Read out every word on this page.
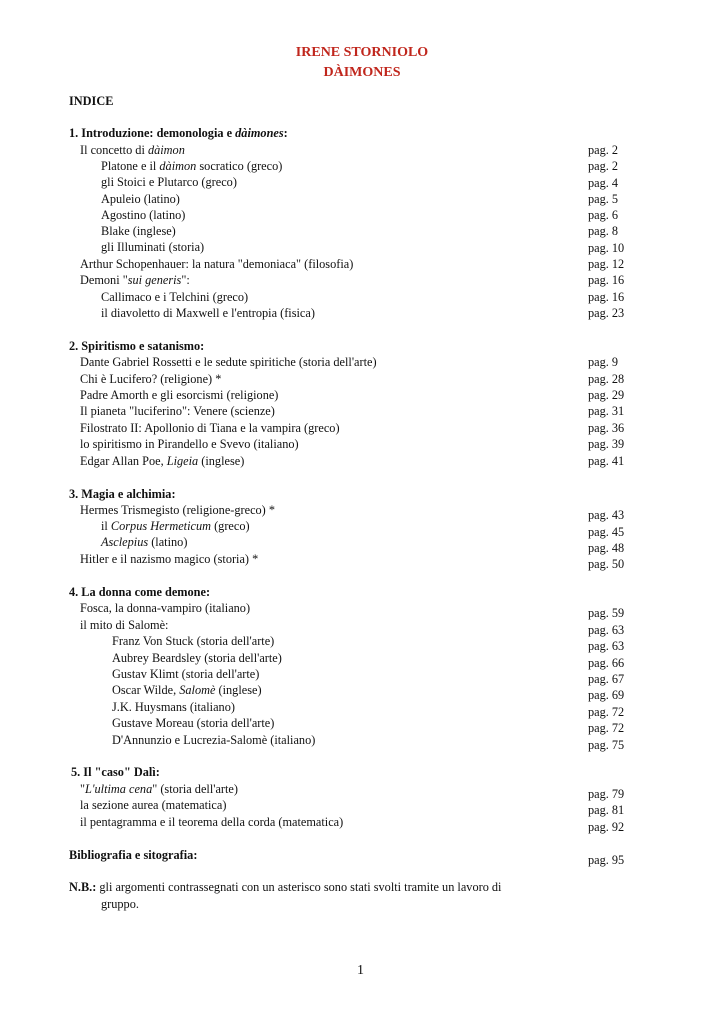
IRENE STORNIOLO
DÀIMONES
INDICE
1. Introduzione: demonologia e dàimones:
Il concetto di dàimon	pag. 2
Platone e il dàimon socratico (greco)	pag. 2
gli Stoici e Plutarco (greco)	pag. 4
Apuleio (latino)	pag. 5
Agostino (latino)	pag. 6
Blake (inglese)	pag. 8
gli Illuminati (storia)	pag. 10
Arthur Schopenhauer: la natura "demoniaca" (filosofia)	pag. 12
Demoni "sui generis":	pag. 16
Callimaco e i Telchini (greco)	pag. 16
il diavoletto di Maxwell e l'entropia (fisica)	pag. 23
2. Spiritismo e satanismo:
Dante Gabriel Rossetti e le sedute spiritiche (storia dell'arte)	pag. 9
Chi è Lucifero? (religione) *	pag. 28
Padre Amorth e gli esorcismi (religione)	pag. 29
Il pianeta "luciferino": Venere (scienze)	pag. 31
Filostrato II: Apollonio di Tiana e la vampira (greco)	pag. 36
lo spiritismo in Pirandello e Svevo (italiano)	pag. 39
Edgar Allan Poe, Ligeia (inglese)	pag. 41
3. Magia e alchimia:
Hermes Trismegisto (religione-greco) *	pag. 43
il Corpus Hermeticum (greco)	pag. 45
Asclepius (latino)	pag. 48
Hitler e il nazismo magico (storia) *	pag. 50
4. La donna come demone:
Fosca, la donna-vampiro (italiano)	pag. 59
il mito di Salomè:	pag. 63
Franz Von Stuck (storia dell'arte)	pag. 63
Aubrey Beardsley (storia dell'arte)	pag. 66
Gustav Klimt (storia dell'arte)	pag. 67
Oscar Wilde, Salomè (inglese)	pag. 69
J.K. Huysmans (italiano)	pag. 72
Gustave Moreau (storia dell'arte)	pag. 72
D'Annunzio e Lucrezia-Salomè (italiano)	pag. 75
5. Il "caso" Dalì:
"L'ultima cena" (storia dell'arte)	pag. 79
la sezione aurea (matematica)	pag. 81
il pentagramma e il teorema della corda (matematica)	pag. 92
Bibliografia e sitografia:	pag. 95
N.B.: gli argomenti contrassegnati con un asterisco sono stati svolti tramite un lavoro di
gruppo.
1
